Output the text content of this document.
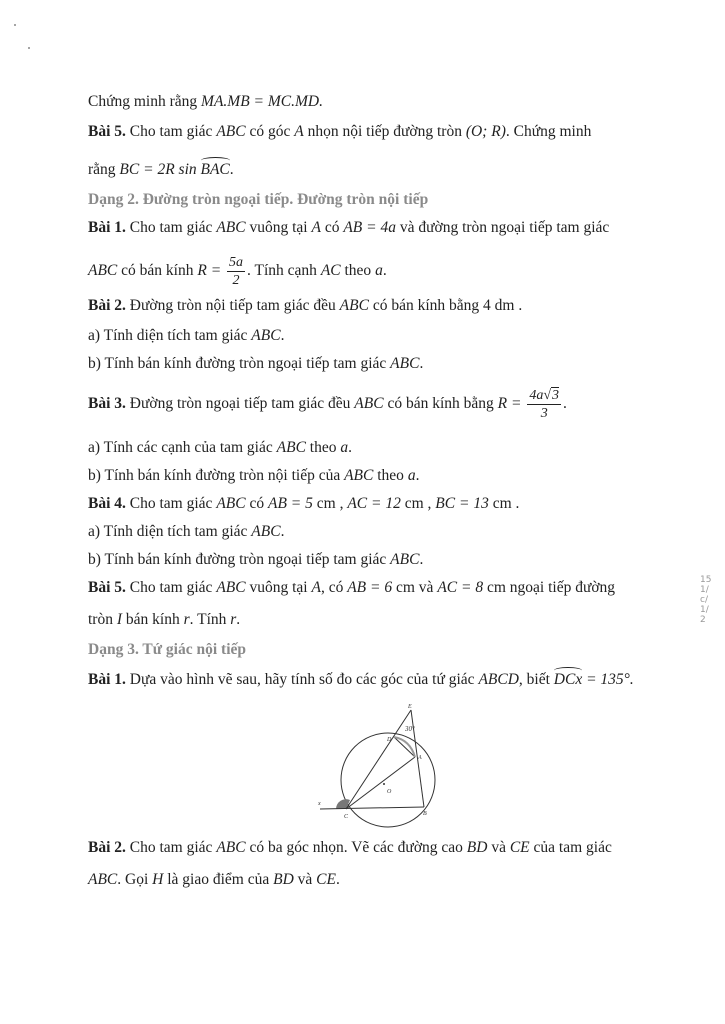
Chứng minh rằng MA.MB = MC.MD.
Bài 5. Cho tam giác ABC có góc A nhọn nội tiếp đường tròn (O; R). Chứng minh
rằng BC = 2R sin BAC.
Dạng 2. Đường tròn ngoại tiếp. Đường tròn nội tiếp
Bài 1. Cho tam giác ABC vuông tại A có AB = 4a và đường tròn ngoại tiếp tam giác
ABC có bán kính $R = \frac{5a}{2}$ . Tính cạnh AC theo a.
Bài 2. Đường tròn nội tiếp tam giác đều ABC có bán kính bằng 4 dm .
a) Tính diện tích tam giác ABC.
b) Tính bán kính đường tròn ngoại tiếp tam giác ABC.
Bài 3. Đường tròn ngoại tiếp tam giác đều ABC có bán kính bằng $R = \frac{4a√3}{3}$ .
a) Tính các cạnh của tam giác ABC theo a.
b) Tính bán kính đường tròn nội tiếp của ABC theo a.
Bài 4. Cho tam giác ABC có AB = 5 cm , AC = 12 cm , BC = 13 cm .
a) Tính diện tích tam giác ABC.
b) Tính bán kính đường tròn ngoại tiếp tam giác ABC.
Bài 5. Cho tam giác ABC vuông tại A, có AB = 6 cm và AC = 8 cm ngoại tiếp đường
tròn I bán kính r. Tính r.
Dạng 3. Tứ giác nội tiếp
Bài 1. Dựa vào hình vẽ sau, hãy tính số đo các góc của tứ giác ABCD, biết DCx = 135°.
E
30°
D
A
O
x
C	B
Bài 2. Cho tam giác ABC có ba góc nhọn. Vẽ các đường cao BD và CE của tam giác
ABC. Gọi H là giao điểm của BD và CE.
15 1/c/1/2
